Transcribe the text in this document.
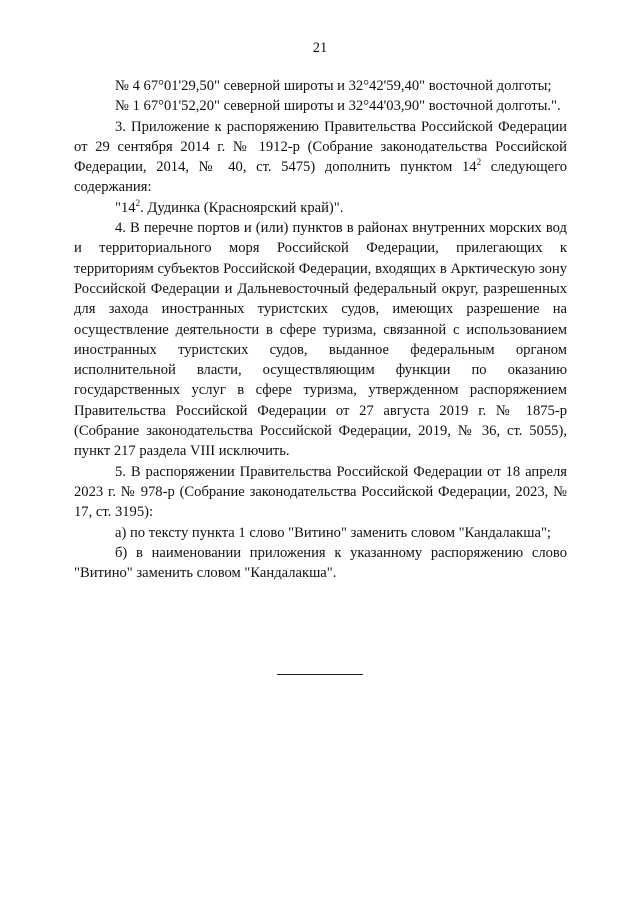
21

№ 4 67°01'29,50" северной широты и 32°42'59,40" восточной долготы;

№ 1 67°01'52,20" северной широты и 32°44'03,90" восточной долготы.".

3. Приложение к распоряжению Правительства Российской Федерации от 29 сентября 2014 г. № 1912-р (Собрание законодательства Российской Федерации, 2014, № 40, ст. 5475) дополнить пунктом $14^2$ следующего содержания:

"$14^2$. Дудинка (Красноярский край)".

4. В перечне портов и (или) пунктов в районах внутренних морских вод и территориального моря Российской Федерации, прилегающих к территориям субъектов Российской Федерации, входящих в Арктическую зону Российской Федерации и Дальневосточный федеральный округ, разрешенных для захода иностранных туристских судов, имеющих разрешение на осуществление деятельности в сфере туризма, связанной с использованием иностранных туристских судов, выданное федеральным органом исполнительной власти, осуществляющим функции по оказанию государственных услуг в сфере туризма, утвержденном распоряжением Правительства Российской Федерации от 27 августа 2019 г. № 1875-р (Собрание законодательства Российской Федерации, 2019, № 36, ст. 5055), пункт 217 раздела VIII исключить.

5. В распоряжении Правительства Российской Федерации от 18 апреля 2023 г. № 978-р (Собрание законодательства Российской Федерации, 2023, № 17, ст. 3195):

а) по тексту пункта 1 слово "Витино" заменить словом "Кандалакша";

б) в наименовании приложения к указанному распоряжению слово "Витино" заменить словом "Кандалакша".
